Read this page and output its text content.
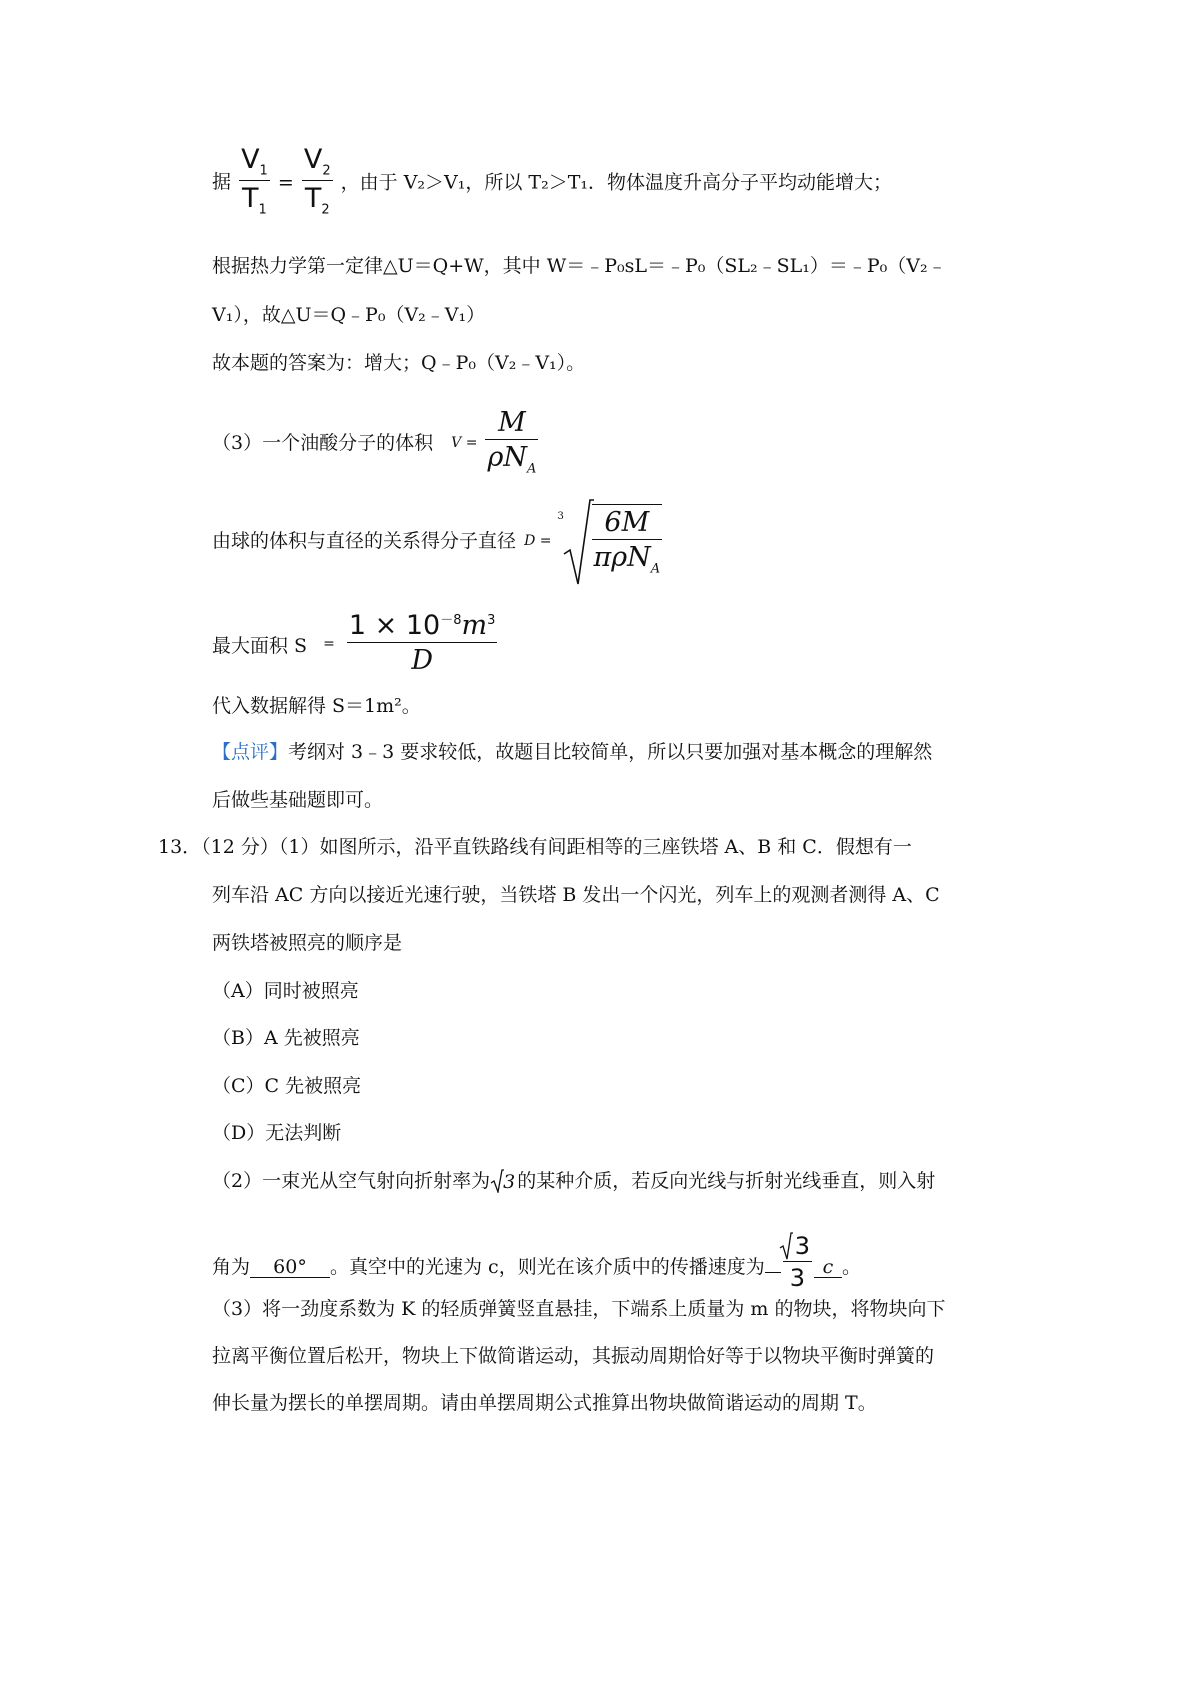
据 $\frac{V_1}{T_1} = \frac{V_2}{T_2}$ ，由于 V₂＞V₁，所以 T₂＞T₁．物体温度升高分子平均动能增大；
根据热力学第一定律△U＝Q+W，其中 W＝﹣P₀sL＝﹣P₀（SL₂﹣SL₁）＝﹣P₀（V₂﹣
V₁），故△U＝Q﹣P₀（V₂﹣V₁）
故本题的答案为：增大；Q﹣P₀（V₂﹣V₁）。
（3）一个油酸分子的体积 $_{V =} \frac{M}{\rho N_A}$
由球的体积与直径的关系得分子直径 $_{D =}$
$3 \frac{6M}{\pi\rho N_A}$
最大面积 S $_= \frac{1 \times 10^{-8}m^3}{D}$
代入数据解得 S＝1m²。
【点评】考纲对 3﹣3 要求较低，故题目比较简单，所以只要加强对基本概念的理解然
后做些基础题即可。
13．（12 分）（1）如图所示，沿平直铁路线有间距相等的三座铁塔 A、B 和 C．假想有一
列车沿 AC 方向以接近光速行驶，当铁塔 B 发出一个闪光，列车上的观测者测得 A、C
两铁塔被照亮的顺序是
（A）同时被照亮
（B）A 先被照亮
（C）C 先被照亮
（D）无法判断
（2）一束光从空气射向折射率为 3 的某种介质，若反向光线与折射光线垂直，则入射
角为 60° 。真空中的光速为 c，则光在该介质中的传播速度为 $\frac{3}{3}$ c 。
（3）将一劲度系数为 K 的轻质弹簧竖直悬挂，下端系上质量为 m 的物块，将物块向下
拉离平衡位置后松开，物块上下做简谐运动，其振动周期恰好等于以物块平衡时弹簧的
伸长量为摆长的单摆周期。请由单摆周期公式推算出物块做简谐运动的周期 T。
